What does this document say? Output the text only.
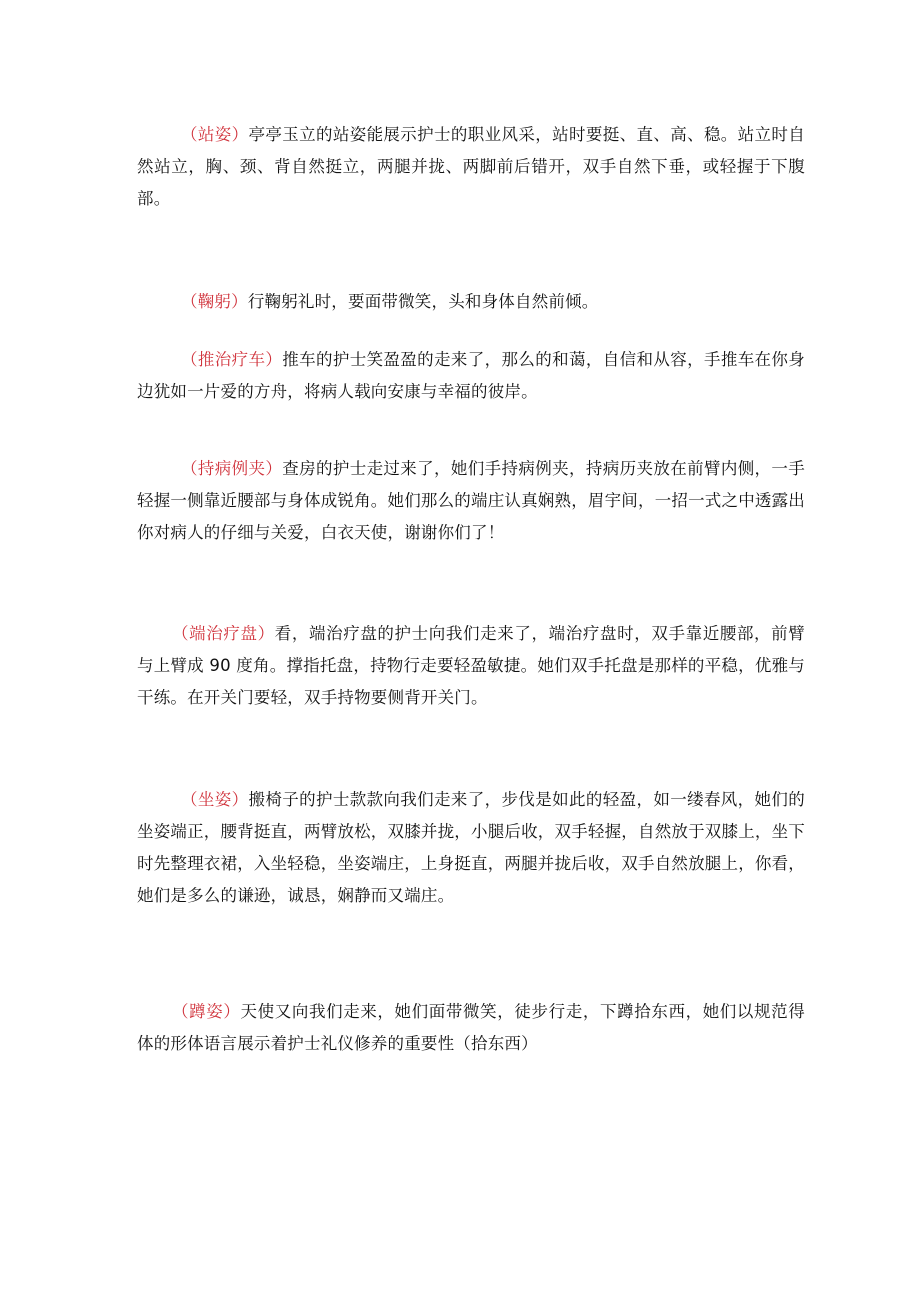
（站姿）亭亭玉立的站姿能展示护士的职业风采，站时要挺、直、高、稳。站立时自然站立，胸、颈、背自然挺立，两腿并拢、两脚前后错开，双手自然下垂，或轻握于下腹部。

（鞠躬）行鞠躬礼时，要面带微笑，头和身体自然前倾。

（推治疗车）推车的护士笑盈盈的走来了，那么的和蔼，自信和从容，手推车在你身边犹如一片爱的方舟，将病人载向安康与幸福的彼岸。

（持病例夹）查房的护士走过来了，她们手持病例夹，持病历夹放在前臂内侧，一手轻握一侧靠近腰部与身体成锐角。她们那么的端庄认真娴熟，眉宇间，一招一式之中透露出你对病人的仔细与关爱，白衣天使，谢谢你们了！

（端治疗盘）看，端治疗盘的护士向我们走来了，端治疗盘时，双手靠近腰部，前臂与上臂成 90 度角。撑指托盘，持物行走要轻盈敏捷。她们双手托盘是那样的平稳，优雅与干练。在开关门要轻，双手持物要侧背开关门。

（坐姿）搬椅子的护士款款向我们走来了，步伐是如此的轻盈，如一缕春风，她们的坐姿端正，腰背挺直，两臂放松，双膝并拢，小腿后收，双手轻握，自然放于双膝上，坐下时先整理衣裙，入坐轻稳，坐姿端庄，上身挺直，两腿并拢后收，双手自然放腿上，你看，她们是多么的谦逊，诚恳，娴静而又端庄。

（蹲姿）天使又向我们走来，她们面带微笑，徒步行走，下蹲拾东西，她们以规范得体的形体语言展示着护士礼仪修养的重要性（拾东西）
